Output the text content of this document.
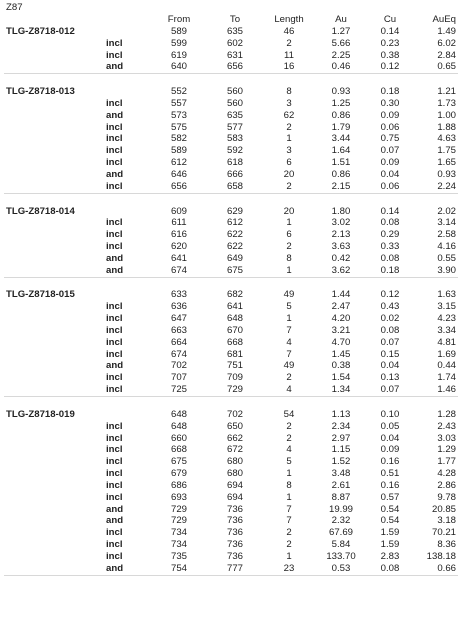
Z87
		From	To	Length	Au	Cu	AuEq
TLG-Z8718-012		589	635	46	1.27	0.14	1.49
	incl	599	602	2	5.66	0.23	6.02
	incl	619	631	11	2.25	0.38	2.84
	and	640	656	16	0.46	0.12	0.65

TLG-Z8718-013		552	560	8	0.93	0.18	1.21
	incl	557	560	3	1.25	0.30	1.73
	and	573	635	62	0.86	0.09	1.00
	incl	575	577	2	1.79	0.06	1.88
	incl	582	583	1	3.44	0.75	4.63
	incl	589	592	3	1.64	0.07	1.75
	incl	612	618	6	1.51	0.09	1.65
	and	646	666	20	0.86	0.04	0.93
	incl	656	658	2	2.15	0.06	2.24

TLG-Z8718-014		609	629	20	1.80	0.14	2.02
	incl	611	612	1	3.02	0.08	3.14
	incl	616	622	6	2.13	0.29	2.58
	incl	620	622	2	3.63	0.33	4.16
	and	641	649	8	0.42	0.08	0.55
	and	674	675	1	3.62	0.18	3.90

TLG-Z8718-015		633	682	49	1.44	0.12	1.63
	incl	636	641	5	2.47	0.43	3.15
	incl	647	648	1	4.20	0.02	4.23
	incl	663	670	7	3.21	0.08	3.34
	incl	664	668	4	4.70	0.07	4.81
	incl	674	681	7	1.45	0.15	1.69
	and	702	751	49	0.38	0.04	0.44
	incl	707	709	2	1.54	0.13	1.74
	incl	725	729	4	1.34	0.07	1.46

TLG-Z8718-019		648	702	54	1.13	0.10	1.28
	incl	648	650	2	2.34	0.05	2.43
	incl	660	662	2	2.97	0.04	3.03
	incl	668	672	4	1.15	0.09	1.29
	incl	675	680	5	1.52	0.16	1.77
	incl	679	680	1	3.48	0.51	4.28
	incl	686	694	8	2.61	0.16	2.86
	incl	693	694	1	8.87	0.57	9.78
	and	729	736	7	19.99	0.54	20.85
	and	729	736	7	2.32	0.54	3.18
	incl	734	736	2	67.69	1.59	70.21
	incl	734	736	2	5.84	1.59	8.36
	incl	735	736	1	133.70	2.83	138.18
	and	754	777	23	0.53	0.08	0.66
